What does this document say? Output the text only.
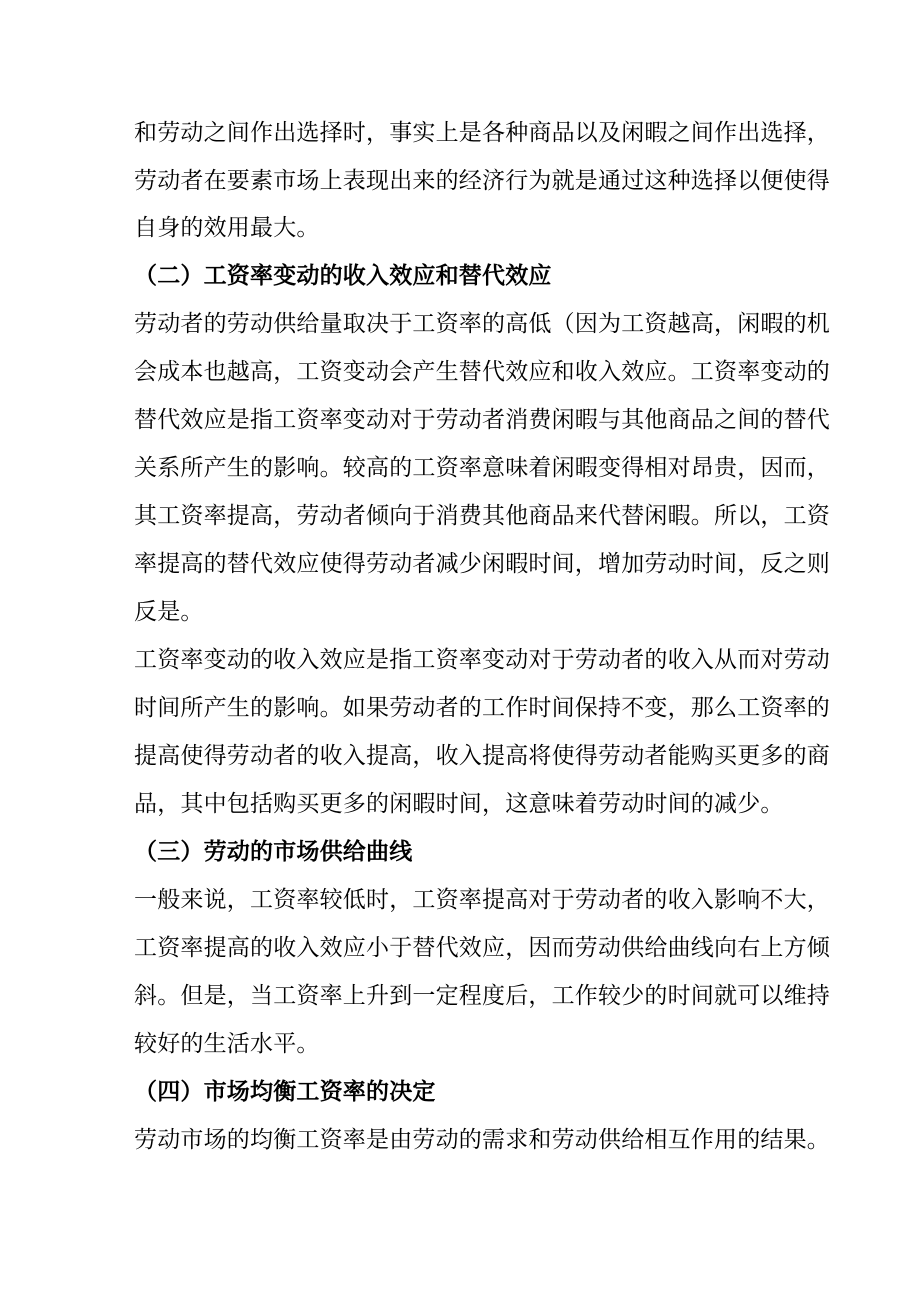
和劳动之间作出选择时，事实上是各种商品以及闲暇之间作出选择，
劳动者在要素市场上表现出来的经济行为就是通过这种选择以便使得
自身的效用最大。
（二）工资率变动的收入效应和替代效应
劳动者的劳动供给量取决于工资率的高低（因为工资越高，闲暇的机
会成本也越高，工资变动会产生替代效应和收入效应。工资率变动的
替代效应是指工资率变动对于劳动者消费闲暇与其他商品之间的替代
关系所产生的影响。较高的工资率意味着闲暇变得相对昂贵，因而，
其工资率提高，劳动者倾向于消费其他商品来代替闲暇。所以，工资
率提高的替代效应使得劳动者减少闲暇时间，增加劳动时间，反之则
反是。
工资率变动的收入效应是指工资率变动对于劳动者的收入从而对劳动
时间所产生的影响。如果劳动者的工作时间保持不变，那么工资率的
提高使得劳动者的收入提高，收入提高将使得劳动者能购买更多的商
品，其中包括购买更多的闲暇时间，这意味着劳动时间的减少。
（三）劳动的市场供给曲线
一般来说，工资率较低时，工资率提高对于劳动者的收入影响不大，
工资率提高的收入效应小于替代效应，因而劳动供给曲线向右上方倾
斜。但是，当工资率上升到一定程度后，工作较少的时间就可以维持
较好的生活水平。
（四）市场均衡工资率的决定
劳动市场的均衡工资率是由劳动的需求和劳动供给相互作用的结果。
